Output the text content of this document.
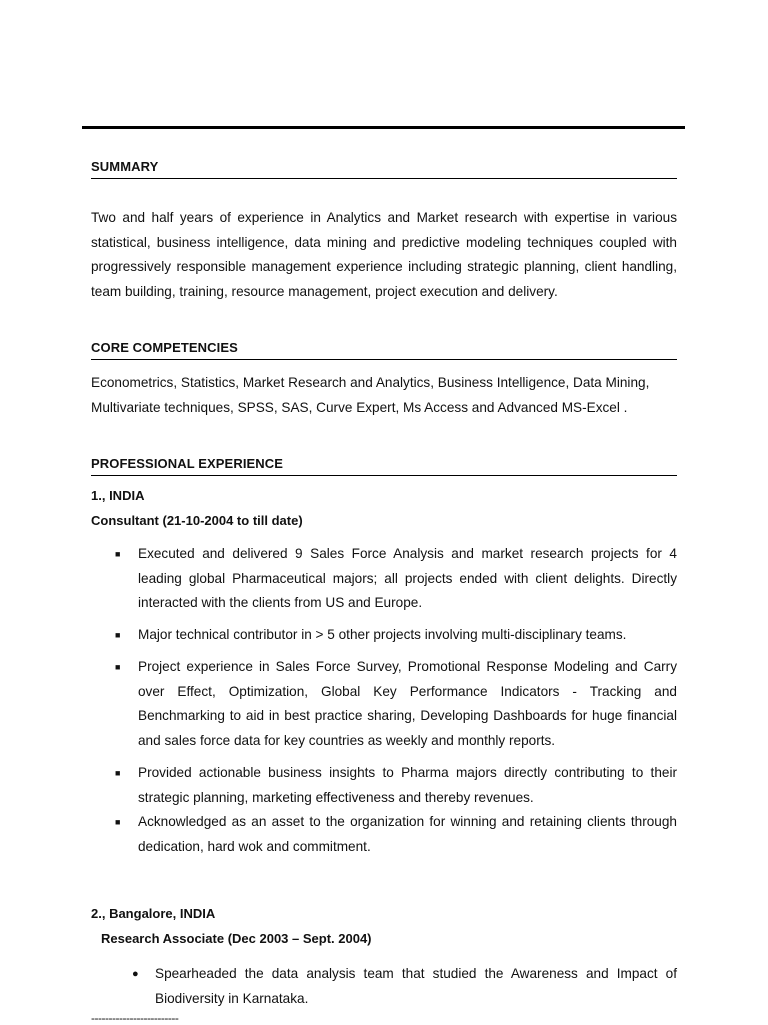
SUMMARY

Two and half years of experience in Analytics and Market research with expertise in various statistical, business intelligence, data mining and predictive modeling techniques coupled with progressively responsible management experience including strategic planning, client handling, team building, training, resource management, project execution and delivery.

CORE COMPETENCIES

Econometrics, Statistics, Market Research and Analytics, Business Intelligence, Data Mining, Multivariate techniques, SPSS, SAS, Curve Expert, Ms Access and Advanced MS-Excel .

PROFESSIONAL EXPERIENCE
1., INDIA
Consultant (21-10-2004 to till date)
■	Executed and delivered 9 Sales Force Analysis and market research projects for 4 leading global Pharmaceutical majors; all projects ended with client delights. Directly interacted with the clients from US and Europe.
■	Major technical contributor in > 5 other projects involving multi-disciplinary teams.
■	Project experience in Sales Force Survey, Promotional Response Modeling and Carry over Effect, Optimization, Global Key Performance Indicators - Tracking and Benchmarking to aid in best practice sharing, Developing Dashboards for huge financial and sales force data for key countries as weekly and monthly reports.
■	Provided actionable business insights to Pharma majors directly contributing to their strategic planning, marketing effectiveness and thereby revenues.
■	Acknowledged as an asset to the organization for winning and retaining clients through dedication, hard wok and commitment.
2., Bangalore, INDIA
Research Associate (Dec 2003 – Sept. 2004)
●	Spearheaded the data analysis team that studied the Awareness and Impact of Biodiversity in Karnataka.
-------------------------
